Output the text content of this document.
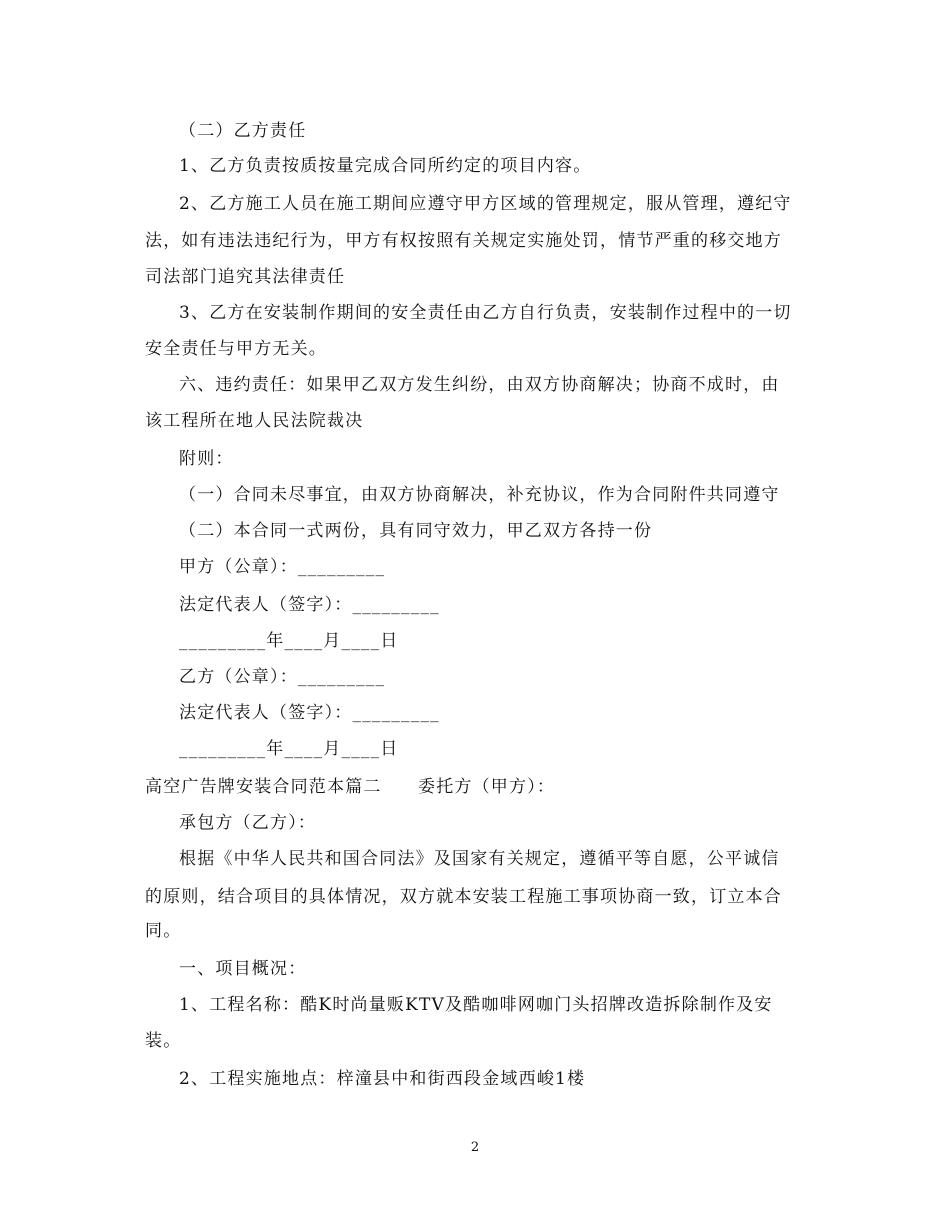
（二）乙方责任
1、乙方负责按质按量完成合同所约定的项目内容。
2、乙方施工人员在施工期间应遵守甲方区域的管理规定，服从管理，遵纪守
法，如有违法违纪行为，甲方有权按照有关规定实施处罚，情节严重的移交地方
司法部门追究其法律责任
3、乙方在安装制作期间的安全责任由乙方自行负责，安装制作过程中的一切
安全责任与甲方无关。
六、违约责任：如果甲乙双方发生纠纷，由双方协商解决；协商不成时，由
该工程所在地人民法院裁决
附则：
（一）合同未尽事宜，由双方协商解决，补充协议，作为合同附件共同遵守
（二）本合同一式两份，具有同守效力，甲乙双方各持一份
甲方（公章）：_________
法定代表人（签字）：_________
_________年____月____日
乙方（公章）：_________
法定代表人（签字）：_________
_________年____月____日
高空广告牌安装合同范本篇二　　委托方（甲方）：
承包方（乙方）：
根据《中华人民共和国合同法》及国家有关规定，遵循平等自愿，公平诚信
的原则，结合项目的具体情况，双方就本安装工程施工事项协商一致，订立本合
同。
一、项目概况：
1、工程名称：酷K时尚量贩KTV及酷咖啡网咖门头招牌改造拆除制作及安
装。
2、工程实施地点：梓潼县中和街西段金域西峻1楼
2
